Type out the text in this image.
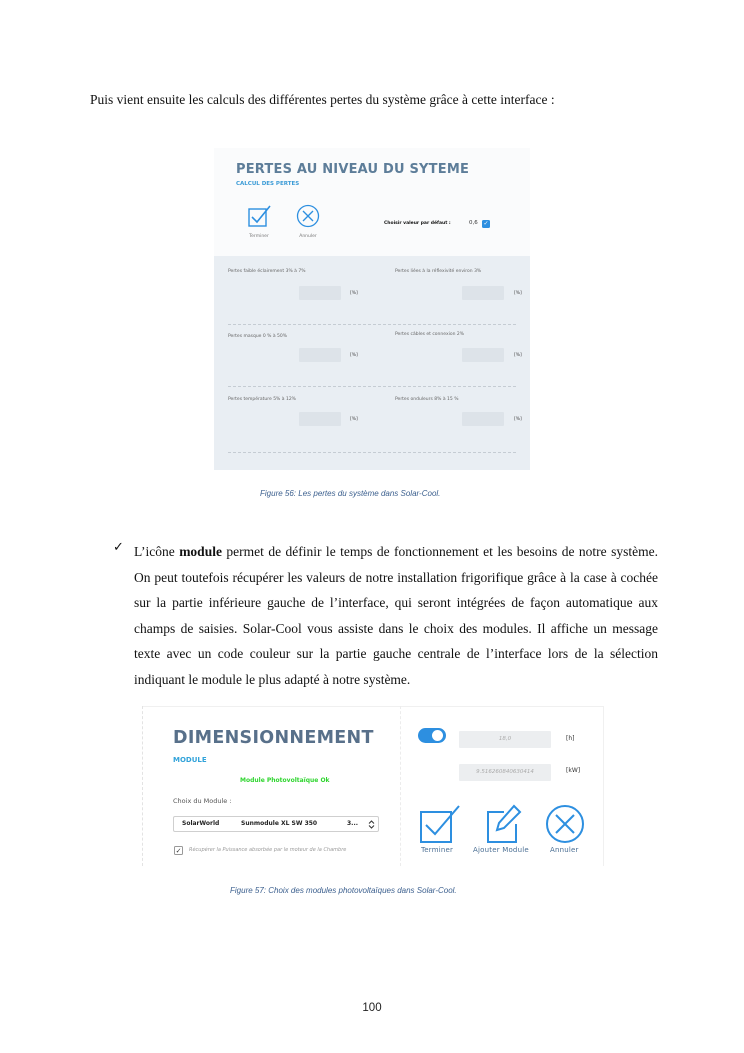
Puis vient ensuite les calculs des différentes pertes du système grâce à cette interface :
PERTES AU NIVEAU DU SYTEME
CALCUL DES PERTES
Terminer	Annuler
Choisir valeur par défaut :	0,6 ✓
Pertes faible éclairement 3% à 7%
[%]
Pertes liées à la réflexivité environ 3%
[%]
Pertes masque 0 % à 50%
[%]
Pertes câbles et connexion 2%
[%]
Pertes température 5% à 12%
[%]
Pertes onduleurs 8% à 15 %
[%]
Figure 56: Les pertes du système dans Solar-Cool.
✓ L’icône module permet de définir le temps de fonctionnement et les besoins de notre système. On peut toutefois récupérer les valeurs de notre installation frigorifique grâce à la case à cochée sur la partie inférieure gauche de l’interface, qui seront intégrées de façon automatique aux champs de saisies. Solar-Cool vous assiste dans le choix des modules. Il affiche un message texte avec un code couleur sur la partie gauche centrale de l’interface lors de la sélection indiquant le module le plus adapté à notre système.
DIMENSIONNEMENT
MODULE
Module Photovoltaïque Ok
Choix du Module :
SolarWorld	Sunmodule XL SW 350	3...
✓	Récupérer la Puissance absorbée par le moteur de la Chambre
18,0	[h]
9.516260840630414	[kW]
Terminer	Ajouter Module	Annuler
Figure 57: Choix des modules photovoltaïques dans Solar-Cool.
100
